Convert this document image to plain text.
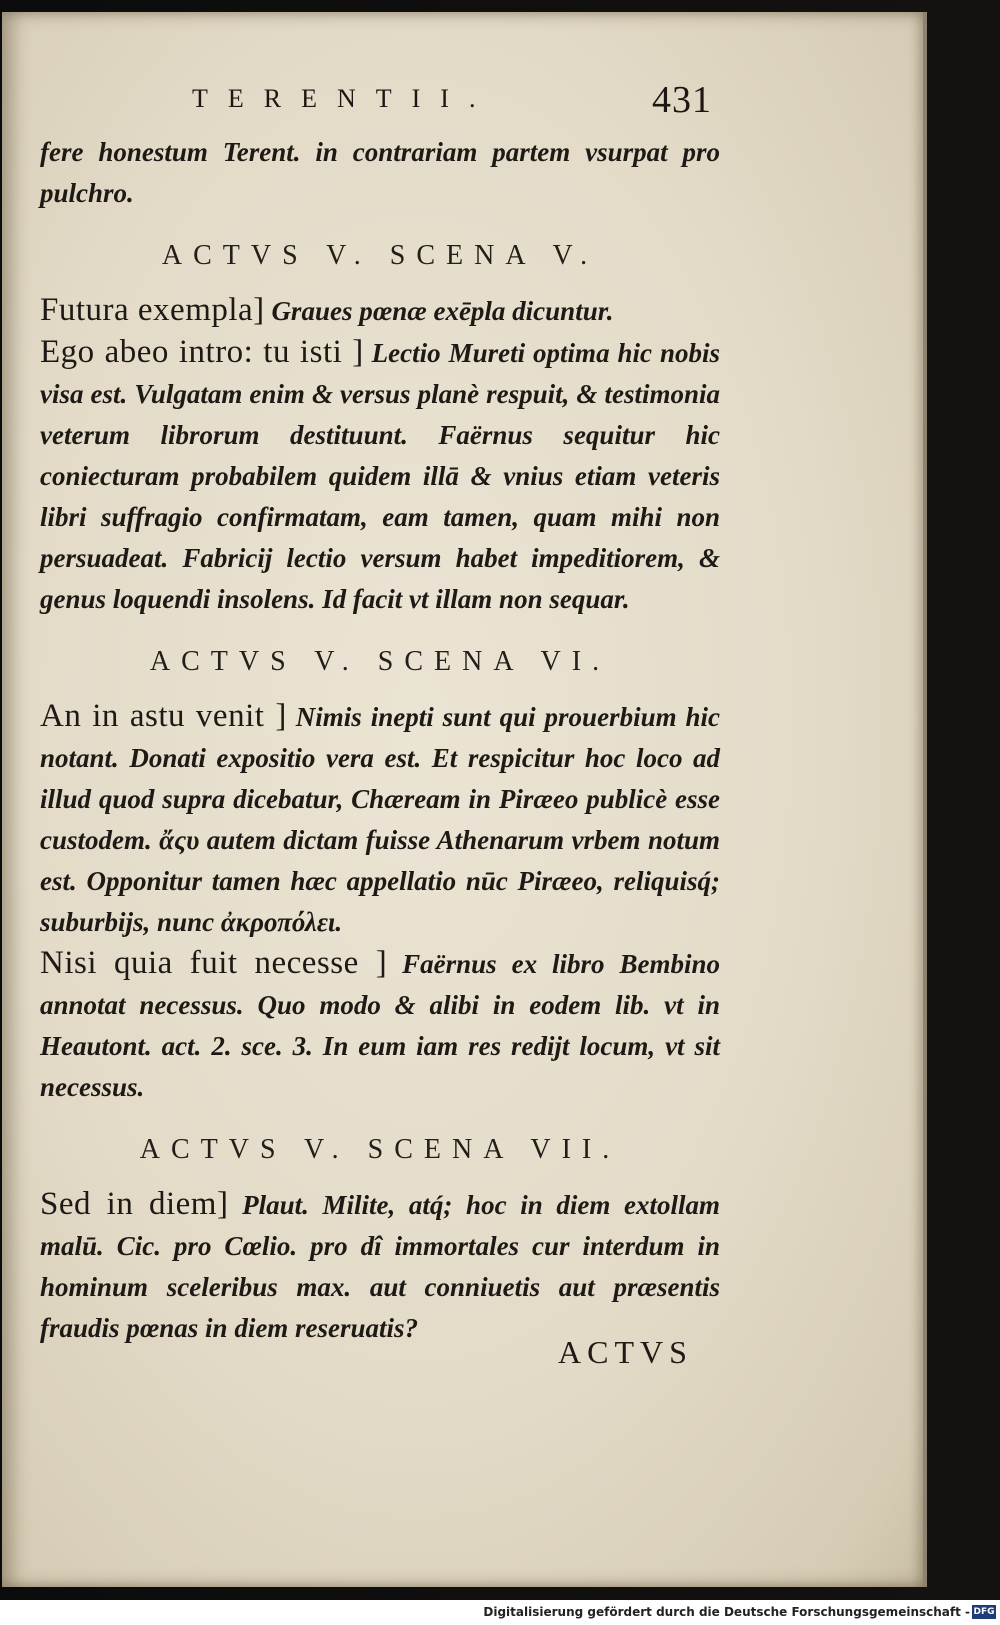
TERENTII.	431

fere honestum Terent. in contrariam partem vsurpat pro pulchro.

ACTVS V. SCENA V.

Futura exempla] Graues pœnæ exēpla dicuntur.

Ego abeo intro: tu isti ] Lectio Mureti optima hic nobis visa est. Vulgatam enim & versus planè respuit, & testimonia veterum librorum destituunt. Faërnus sequitur hic coniecturam probabilem quidem illā & vnius etiam veteris libri suffragio confirmatam, eam tamen, quam mihi non persuadeat. Fabricij lectio versum habet impeditiorem, & genus loquendi insolens. Id facit vt illam non sequar.

ACTVS V. SCENA VI.

An in astu venit ] Nimis inepti sunt qui prouerbium hic notant. Donati expositio vera est. Et respicitur hoc loco ad illud quod supra dicebatur, Chæream in Piræeo publicè esse custodem. ἄςυ autem dictam fuisse Athenarum vrbem notum est. Opponitur tamen hæc appellatio nūc Piræeo, reliquisq́; suburbijs, nunc ἀκροπόλει.

Nisi quia fuit necesse ] Faërnus ex libro Bembino annotat necessus. Quo modo & alibi in eodem lib. vt in Heautont. act. 2. sce. 3. In eum iam res redijt locum, vt sit necessus.

ACTVS V. SCENA VII.

Sed in diem] Plaut. Milite, atq́; hoc in diem extollam malū. Cic. pro Cœlio. pro dî immortales cur interdum in hominum sceleribus max. aut conniuetis aut præsentis fraudis pœnas in diem reseruatis?

ACTVS
Digitalisierung gefördert durch die Deutsche Forschungsgemeinschaft - DFG
